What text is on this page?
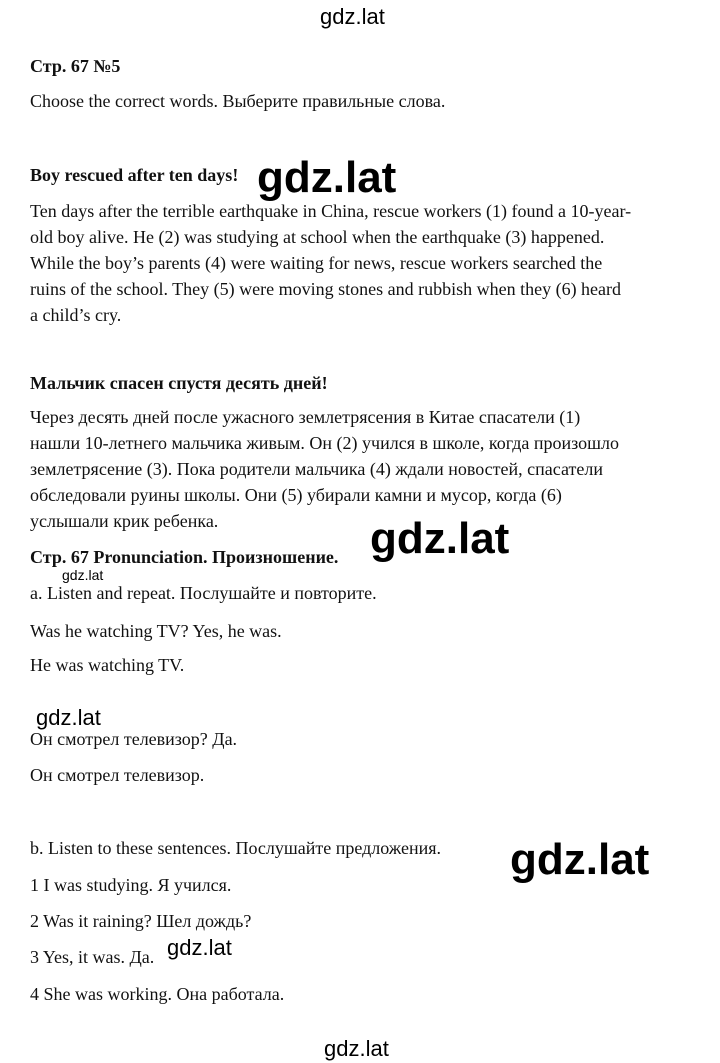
gdz.lat
gdz.lat
gdz.lat
gdz.lat
gdz.lat
gdz.lat
gdz.lat
gdz.lat
Стр. 67 №5
Choose the correct words. Выберите правильные слова.
Boy rescued after ten days!
Ten days after the terrible earthquake in China, rescue workers (1) found a 10-year-
old boy alive. He (2) was studying at school when the earthquake (3) happened.
While the boy’s parents (4) were waiting for news, rescue workers searched the
ruins of the school. They (5) were moving stones and rubbish when they (6) heard
a child’s cry.
Мальчик спасен спустя десять дней!
Через десять дней после ужасного землетрясения в Китае спасатели (1)
нашли 10-летнего мальчика живым. Он (2) учился в школе, когда произошло
землетрясение (3). Пока родители мальчика (4) ждали новостей, спасатели
обследовали руины школы. Они (5) убирали камни и мусор, когда (6)
услышали крик ребенка.
Стр. 67 Pronunciation. Произношение.
a. Listen and repeat. Послушайте и повторите.
Was he watching TV? Yes, he was.
He was watching TV.
Он смотрел телевизор? Да.
Он смотрел телевизор.
b. Listen to these sentences. Послушайте предложения.
1 I was studying. Я учился.
2 Was it raining? Шел дождь?
3 Yes, it was. Да.
4 She was working. Она работала.
